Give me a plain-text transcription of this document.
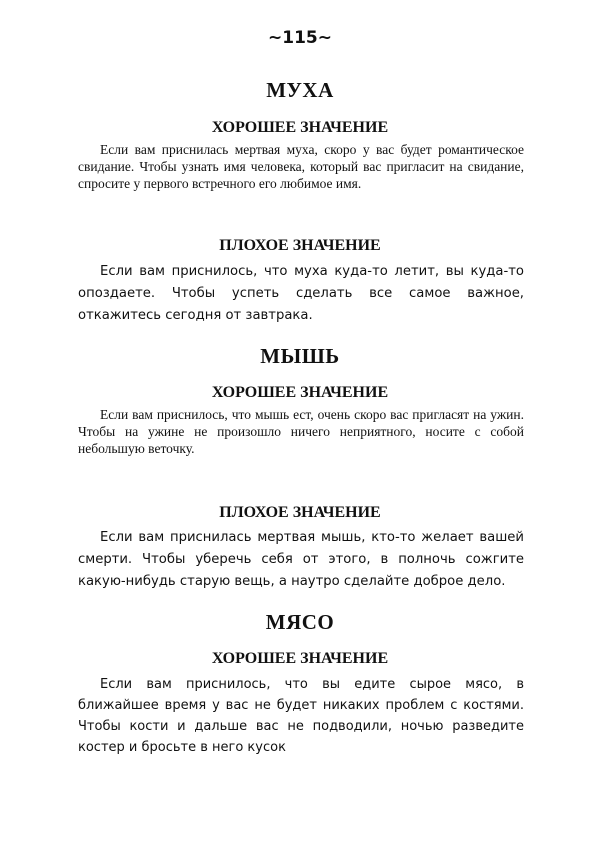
~115~
МУХА
ХОРОШЕЕ ЗНАЧЕНИЕ

Если вам приснилась мертвая муха, скоро у вас будет романтическое свидание. Чтобы узнать имя человека, который вас пригласит на свидание, спросите у первого встречного его любимое имя.

ПЛОХОЕ ЗНАЧЕНИЕ

Если вам приснилось, что муха куда-то летит, вы куда-то опоздаете. Чтобы успеть сделать все самое важное, откажитесь сегодня от завтрака.

МЫШЬ
ХОРОШЕЕ ЗНАЧЕНИЕ

Если вам приснилось, что мышь ест, очень скоро вас пригласят на ужин. Чтобы на ужине не произошло ничего неприятного, носите с собой небольшую веточку.

ПЛОХОЕ ЗНАЧЕНИЕ

Если вам приснилась мертвая мышь, кто-то желает вашей смерти. Чтобы уберечь себя от этого, в полночь сожгите какую-нибудь старую вещь, а наутро сделайте доброе дело.

МЯСО
ХОРОШЕЕ ЗНАЧЕНИЕ

Если вам приснилось, что вы едите сырое мясо, в ближайшее время у вас не будет никаких проблем с костями. Чтобы кости и дальше вас не подводили, ночью разведите костер и бросьте в него кусок
